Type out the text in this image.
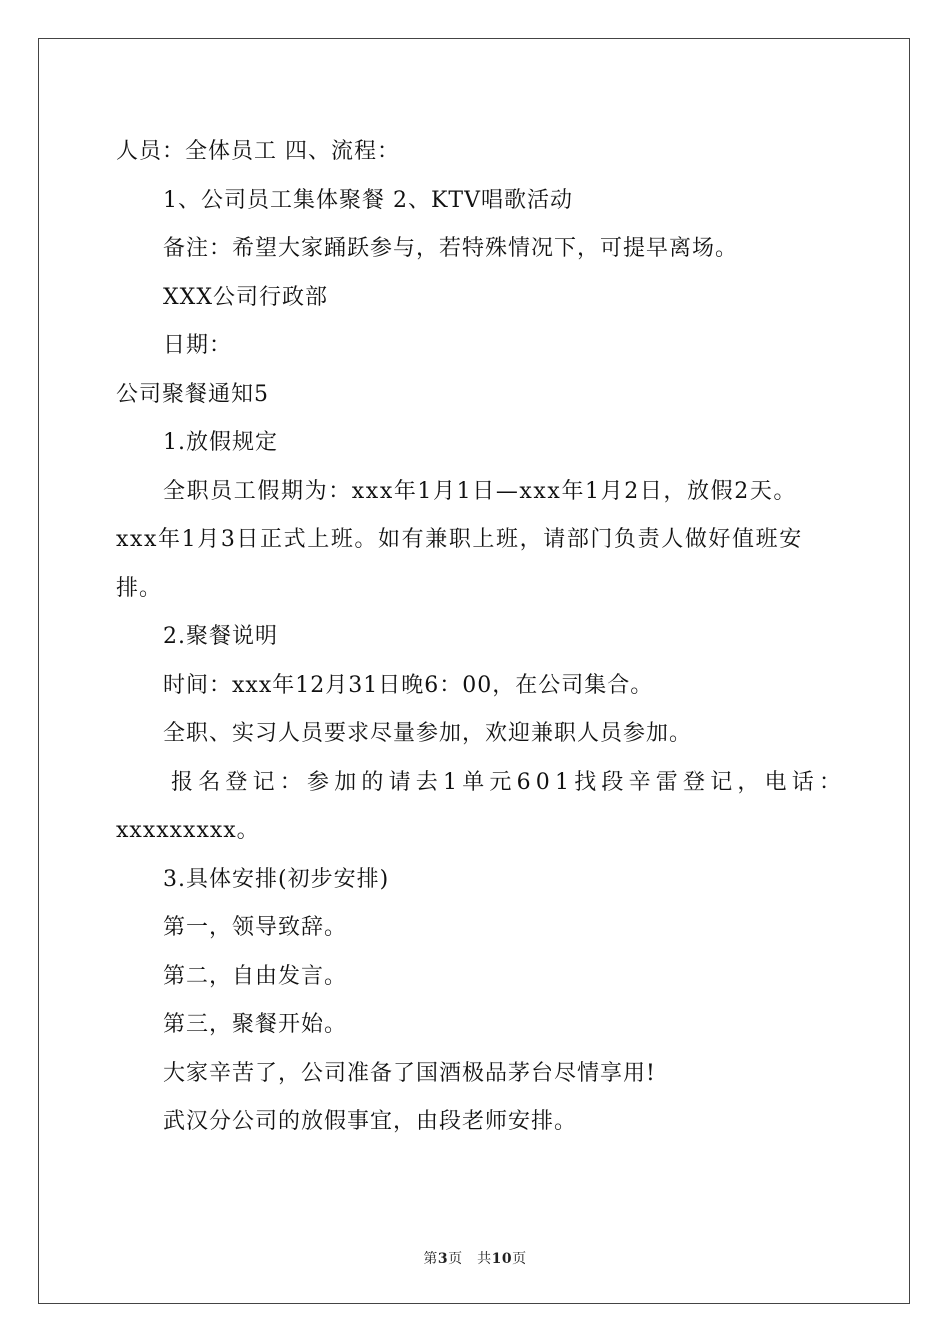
人员：全体员工 四、流程：
1、公司员工集体聚餐 2、KTV唱歌活动
备注：希望大家踊跃参与，若特殊情况下，可提早离场。
XXX公司行政部
日期：
公司聚餐通知5
1.放假规定
全职员工假期为：xxx年1月1日—xxx年1月2日，放假2天。
xxx年1月3日正式上班。如有兼职上班，请部门负责人做好值班安
排。
2.聚餐说明
时间：xxx年12月31日晚6：00，在公司集合。
全职、实习人员要求尽量参加，欢迎兼职人员参加。
报名登记：参加的请去1单元601找段辛雷登记，电话：
xxxxxxxxx。
3.具体安排(初步安排)
第一，领导致辞。
第二，自由发言。
第三，聚餐开始。
大家辛苦了，公司准备了国酒极品茅台尽情享用!
武汉分公司的放假事宜，由段老师安排。
第3页　共10页
